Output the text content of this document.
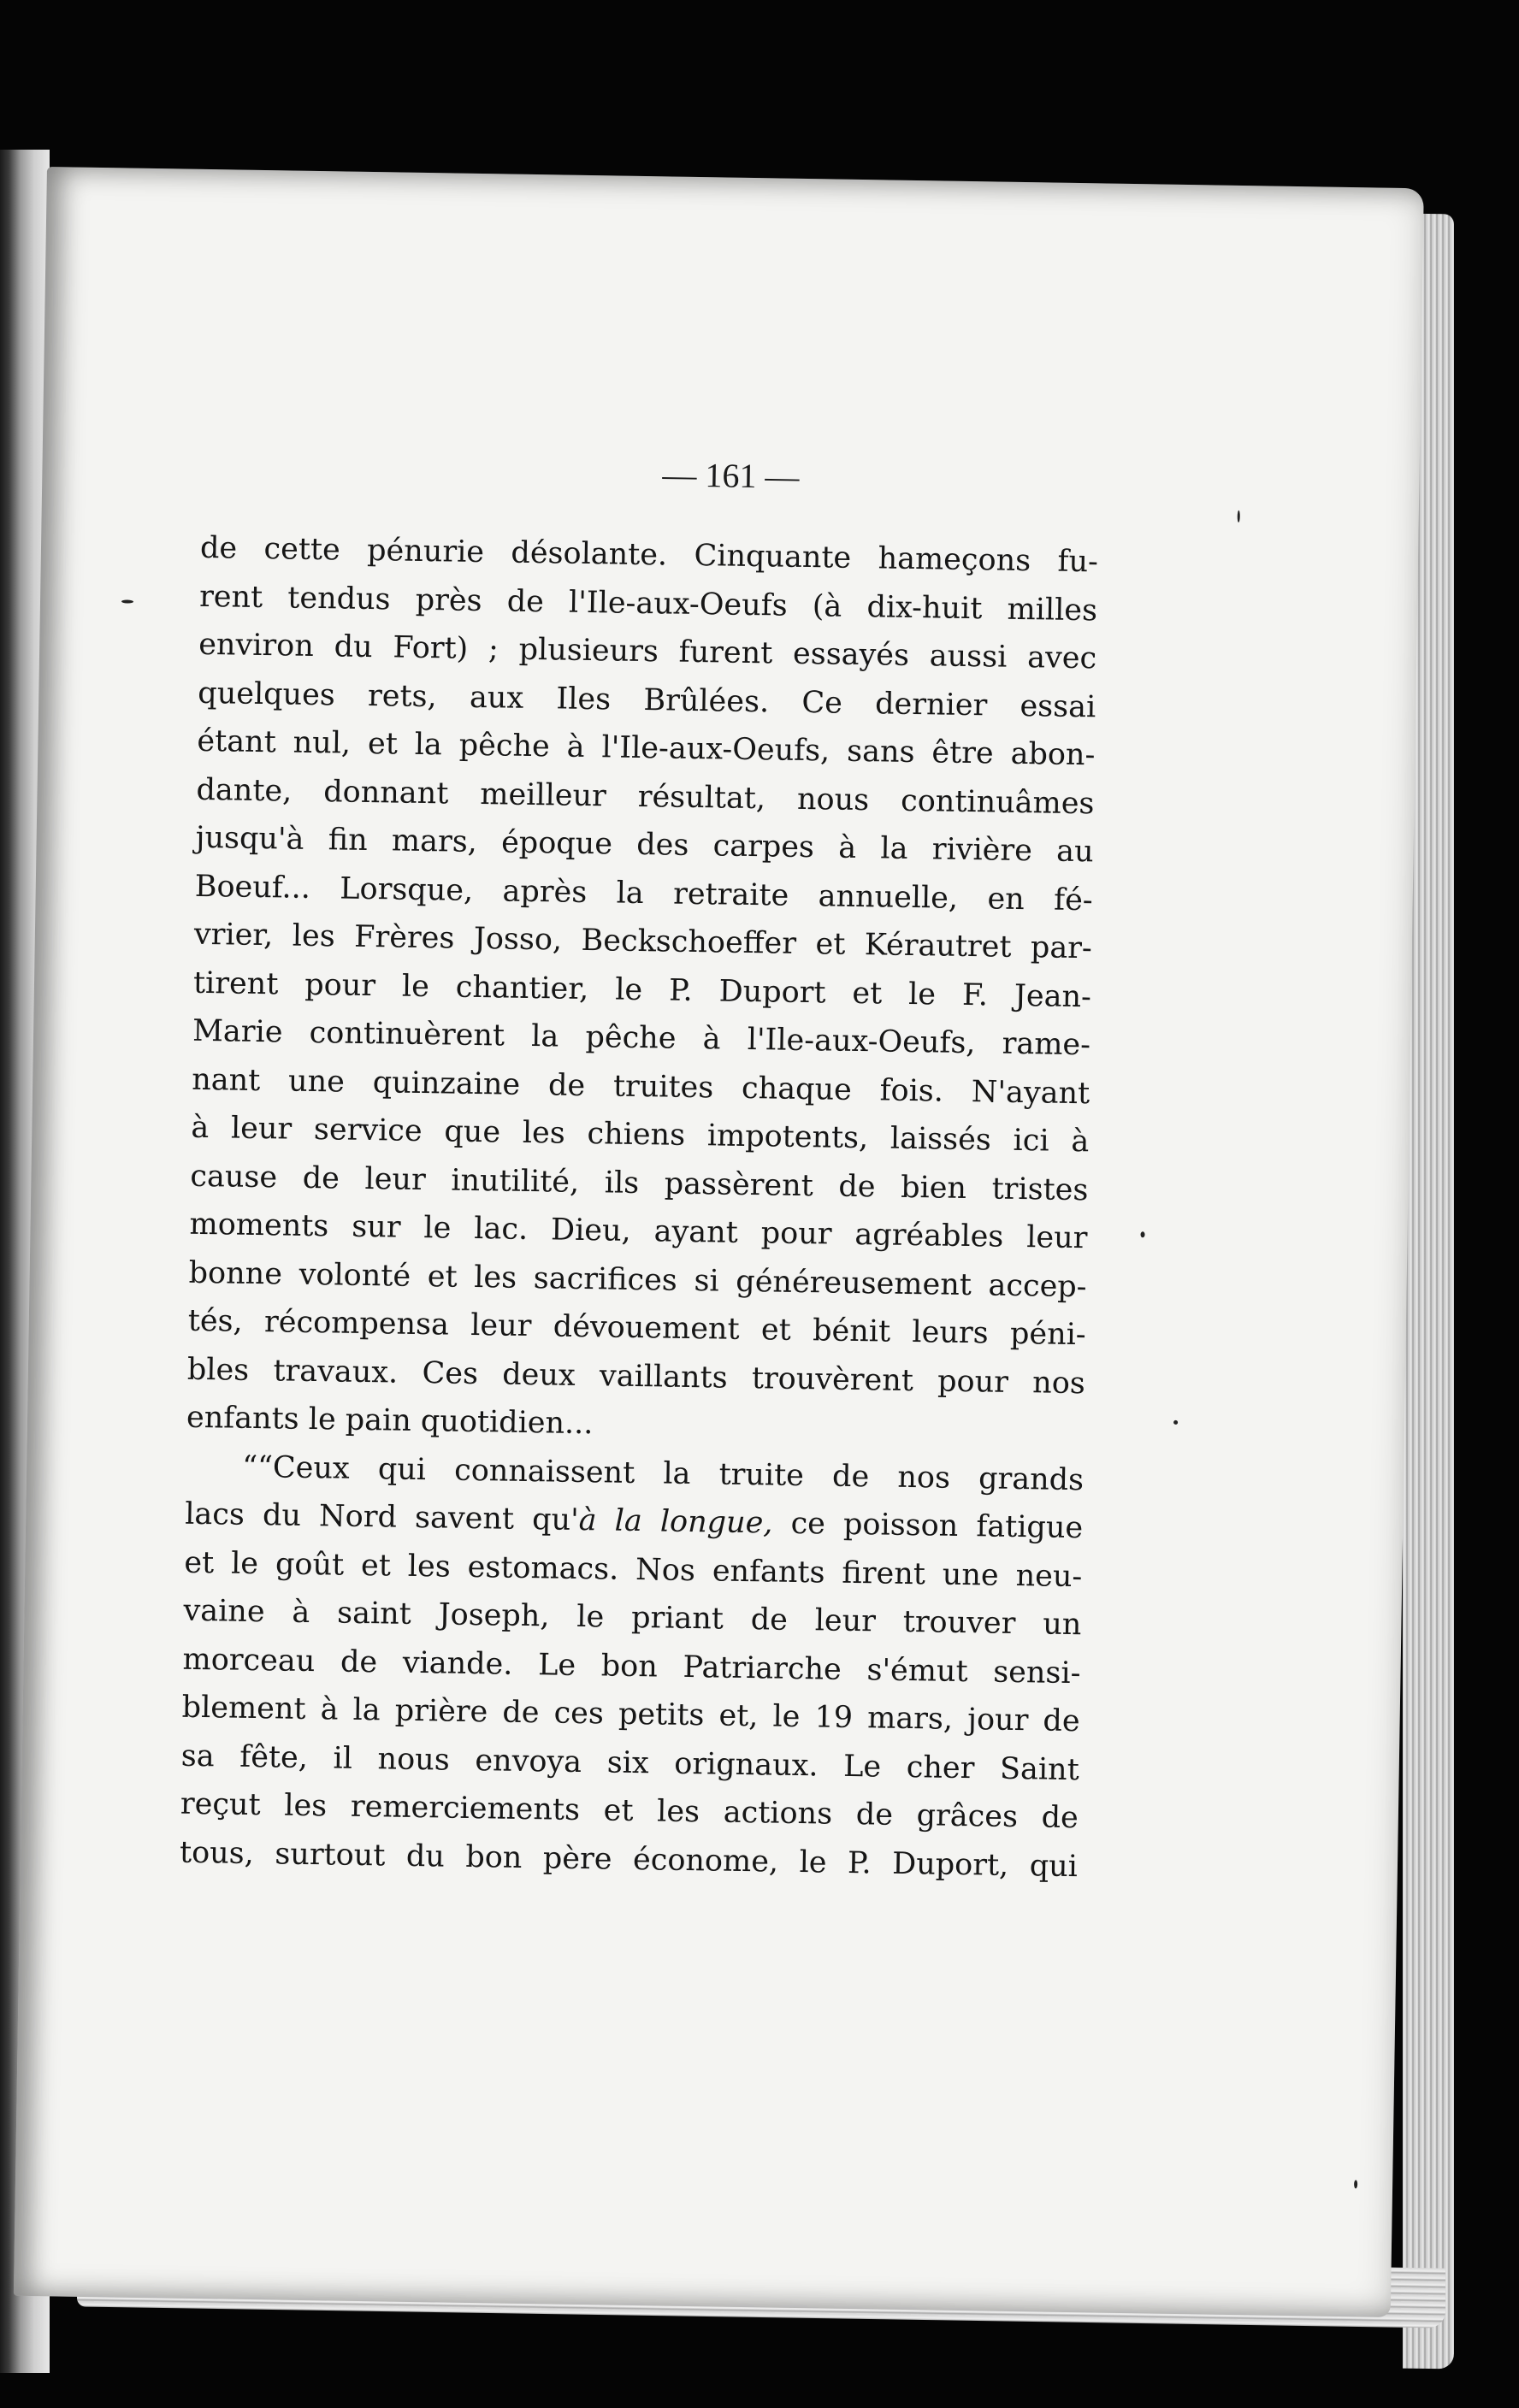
— 161 —

de cette pénurie désolante. Cinquante hameçons fu-
rent tendus près de l'Ile-aux-Oeufs (à dix-huit milles
environ du Fort) ; plusieurs furent essayés aussi avec
quelques rets, aux Iles Brûlées. Ce dernier essai
étant nul, et la pêche à l'Ile-aux-Oeufs, sans être abon-
dante, donnant meilleur résultat, nous continuâmes
jusqu'à fin mars, époque des carpes à la rivière au
Boeuf... Lorsque, après la retraite annuelle, en fé-
vrier, les Frères Josso, Beckschoeffer et Kérautret par-
tirent pour le chantier, le P. Duport et le F. Jean-
Marie continuèrent la pêche à l'Ile-aux-Oeufs, rame-
nant une quinzaine de truites chaque fois. N'ayant
à leur service que les chiens impotents, laissés ici à
cause de leur inutilité, ils passèrent de bien tristes
moments sur le lac. Dieu, ayant pour agréables leur
bonne volonté et les sacrifices si généreusement accep-
tés, récompensa leur dévouement et bénit leurs péni-
bles travaux. Ces deux vaillants trouvèrent pour nos
enfants le pain quotidien...

““Ceux qui connaissent la truite de nos grands
lacs du Nord savent qu'à la longue, ce poisson fatigue
et le goût et les estomacs. Nos enfants firent une neu-
vaine à saint Joseph, le priant de leur trouver un
morceau de viande. Le bon Patriarche s'émut sensi-
blement à la prière de ces petits et, le 19 mars, jour de
sa fête, il nous envoya six orignaux. Le cher Saint
reçut les remerciements et les actions de grâces de
tous, surtout du bon père économe, le P. Duport, qui
